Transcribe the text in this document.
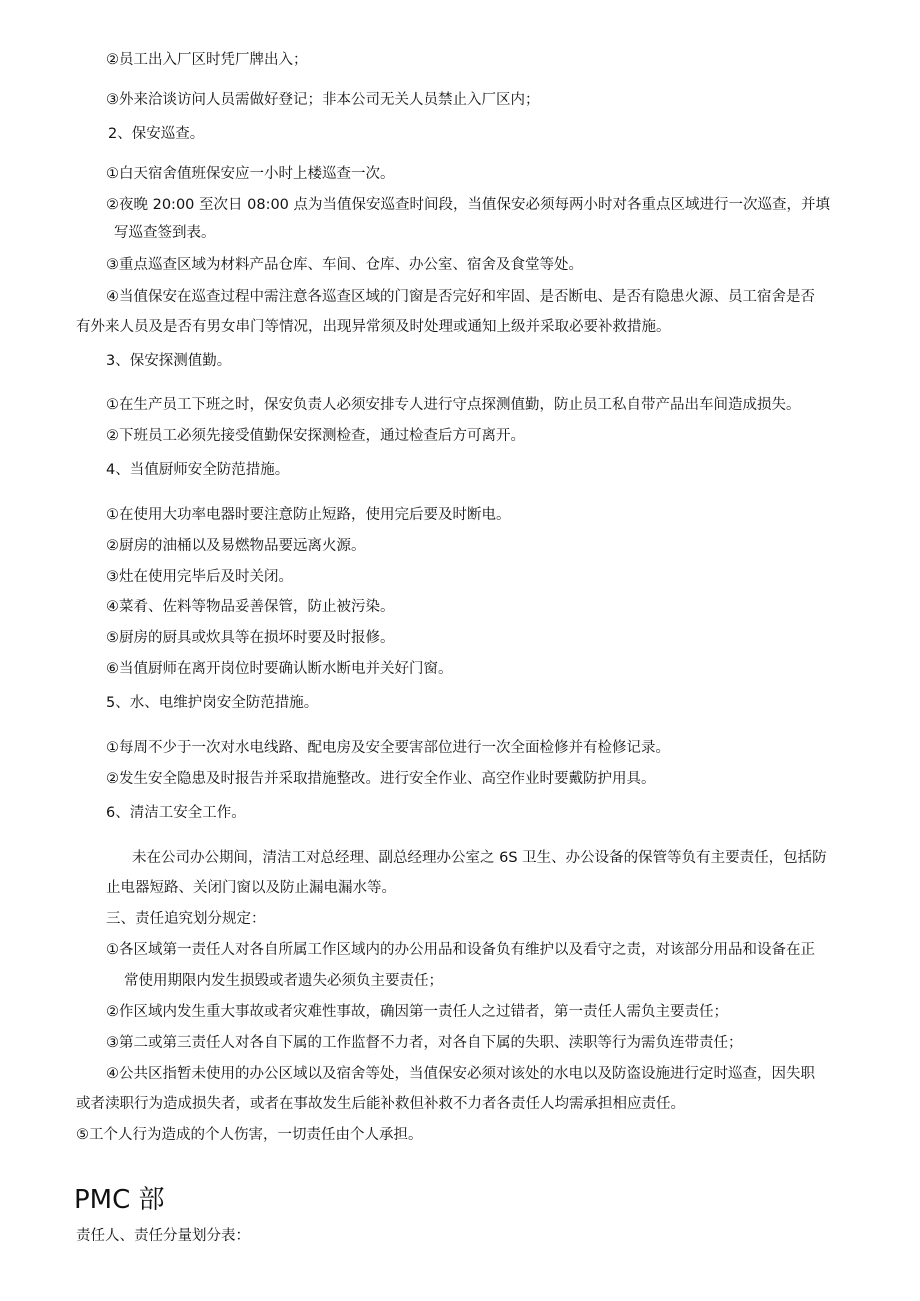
②员工出入厂区时凭厂牌出入；
③外来洽谈访问人员需做好登记；非本公司无关人员禁止入厂区内；
2、保安巡查。
①白天宿舍值班保安应一小时上楼巡查一次。
②夜晚 20:00 至次日 08:00 点为当值保安巡查时间段，当值保安必须每两小时对各重点区域进行一次巡查，并填
写巡查签到表。
③重点巡查区域为材料产品仓库、车间、仓库、办公室、宿舍及食堂等处。
④当值保安在巡查过程中需注意各巡查区域的门窗是否完好和牢固、是否断电、是否有隐患火源、员工宿舍是否
有外来人员及是否有男女串门等情况，出现异常须及时处理或通知上级并采取必要补救措施。
3、保安探测值勤。
①在生产员工下班之时，保安负责人必须安排专人进行守点探测值勤，防止员工私自带产品出车间造成损失。
②下班员工必须先接受值勤保安探测检查，通过检查后方可离开。
4、当值厨师安全防范措施。
①在使用大功率电器时要注意防止短路，使用完后要及时断电。
②厨房的油桶以及易燃物品要远离火源。
③灶在使用完毕后及时关闭。
④菜肴、佐料等物品妥善保管，防止被污染。
⑤厨房的厨具或炊具等在损坏时要及时报修。
⑥当值厨师在离开岗位时要确认断水断电并关好门窗。
5、水、电维护岗安全防范措施。
①每周不少于一次对水电线路、配电房及安全要害部位进行一次全面检修并有检修记录。
②发生安全隐患及时报告并采取措施整改。进行安全作业、高空作业时要戴防护用具。
6、清洁工安全工作。
未在公司办公期间，清洁工对总经理、副总经理办公室之 6S 卫生、办公设备的保管等负有主要责任，包括防
止电器短路、关闭门窗以及防止漏电漏水等。
三、责任追究划分规定：
①各区域第一责任人对各自所属工作区域内的办公用品和设备负有维护以及看守之责，对该部分用品和设备在正
常使用期限内发生损毁或者遗失必须负主要责任；
②作区域内发生重大事故或者灾难性事故，确因第一责任人之过错者，第一责任人需负主要责任；
③第二或第三责任人对各自下属的工作监督不力者，对各自下属的失职、渎职等行为需负连带责任；
④公共区指暂未使用的办公区域以及宿舍等处，当值保安必须对该处的水电以及防盗设施进行定时巡查，因失职
或者渎职行为造成损失者，或者在事故发生后能补救但补救不力者各责任人均需承担相应责任。
⑤工个人行为造成的个人伤害，一切责任由个人承担。
PMC 部
责任人、责任分量划分表：
